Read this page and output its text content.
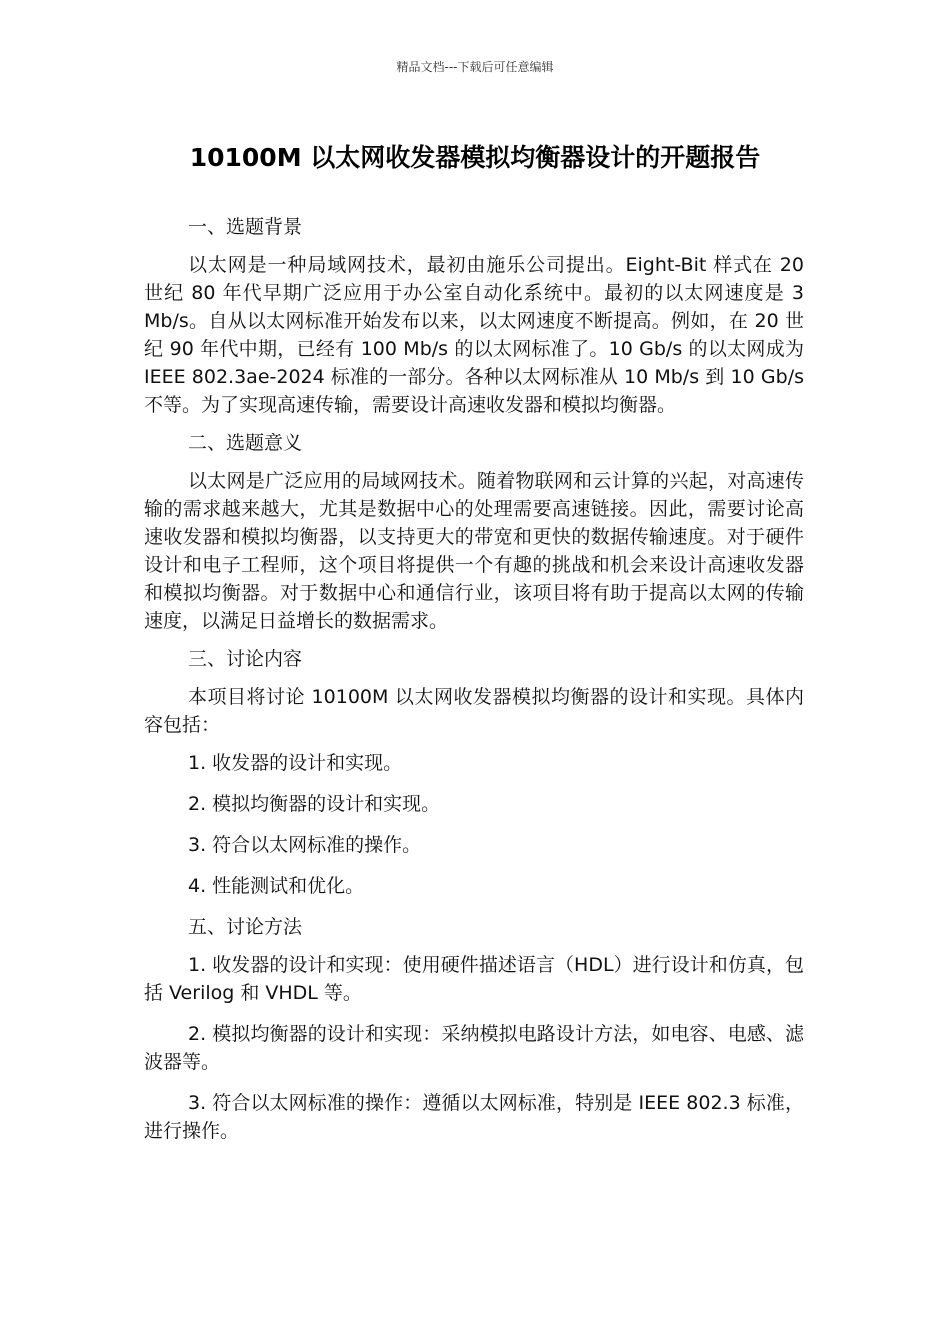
精品文档---下载后可任意编辑
10100M 以太网收发器模拟均衡器设计的开题报告

一、选题背景

以太网是一种局域网技术，最初由施乐公司提出。Eight-Bit 样式在 20 世纪 80 年代早期广泛应用于办公室自动化系统中。最初的以太网速度是 3 Mb/s。自从以太网标准开始发布以来，以太网速度不断提高。例如，在 20 世纪 90 年代中期，已经有 100 Mb/s 的以太网标准了。10 Gb/s 的以太网成为 IEEE 802.3ae-2024 标准的一部分。各种以太网标准从 10 Mb/s 到 10 Gb/s 不等。为了实现高速传输，需要设计高速收发器和模拟均衡器。

二、选题意义

以太网是广泛应用的局域网技术。随着物联网和云计算的兴起，对高速传输的需求越来越大，尤其是数据中心的处理需要高速链接。因此，需要讨论高速收发器和模拟均衡器，以支持更大的带宽和更快的数据传输速度。对于硬件设计和电子工程师，这个项目将提供一个有趣的挑战和机会来设计高速收发器和模拟均衡器。对于数据中心和通信行业，该项目将有助于提高以太网的传输速度，以满足日益增长的数据需求。

三、讨论内容

本项目将讨论 10100M 以太网收发器模拟均衡器的设计和实现。具体内容包括：

1. 收发器的设计和实现。

2. 模拟均衡器的设计和实现。

3. 符合以太网标准的操作。

4. 性能测试和优化。

五、讨论方法

1. 收发器的设计和实现：使用硬件描述语言（HDL）进行设计和仿真，包括 Verilog 和 VHDL 等。

2. 模拟均衡器的设计和实现：采纳模拟电路设计方法，如电容、电感、滤波器等。

3. 符合以太网标准的操作：遵循以太网标准，特别是 IEEE 802.3 标准，进行操作。
